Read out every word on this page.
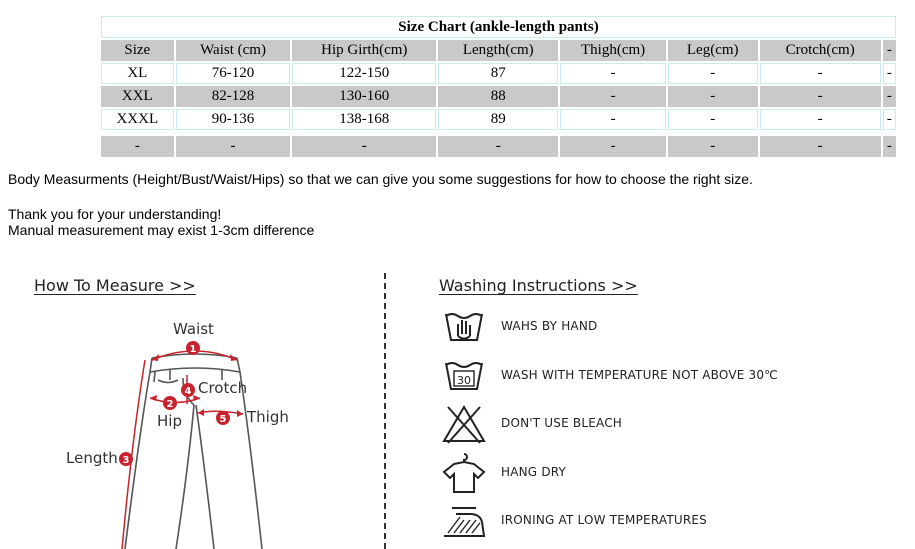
Size Chart (ankle-length pants)							
Size	Waist (cm)	Hip Girth(cm)	Length(cm)	Thigh(cm)	Leg(cm)	Crotch(cm)	-
XL	76-120	122-150	87	-	-	-	-
XXL	82-128	130-160	88	-	-	-	-
XXXL	90-136	138-168	89	-	-	-	-

-	-	-	-	-	-	-	-
Body Measurments (Height/Bust/Waist/Hips) so that we can give you some suggestions for how to choose the right size.
Thank you for your understanding!
Manual measurement may exist 1-3cm difference
How To Measure >>
1
2
3
4
5
Waist
Crotch
Hip	Thigh
Length
Washing Instructions >>
WAHS BY HAND
30	WASH WITH TEMPERATURE NOT ABOVE 30℃
DON'T USE BLEACH
HANG DRY
IRONING AT LOW TEMPERATURES
